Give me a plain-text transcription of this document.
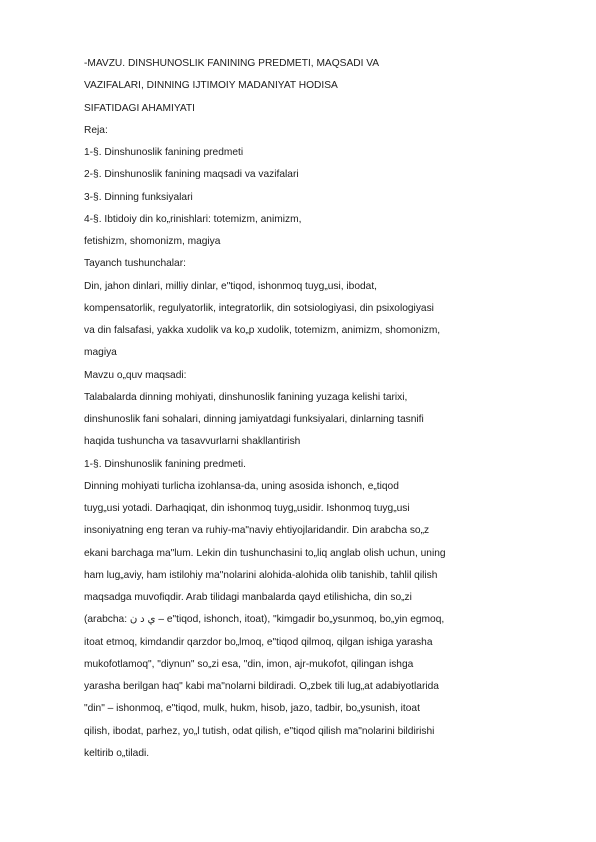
-MAVZU. DINSHUNOSLIK FANINING PREDMETI, MAQSADI VA
VAZIFALARI, DINNING IJTIMOIY MADANIYAT HODISA
SIFATIDAGI AHAMIYATI
Reja:
1-§. Dinshunoslik fanining predmeti
2-§. Dinshunoslik fanining maqsadi va vazifalari
3-§. Dinning funksiyalari
4-§. Ibtidoiy din ko„rinishlari: totemizm, animizm,
fetishizm, shomonizm, magiya
Tayanch tushunchalar:
Din, jahon dinlari, milliy dinlar, e"tiqod, ishonmoq tuyg„usi, ibodat,
kompensatorlik, regulyatorlik, integratorlik, din sotsiologiyasi, din psixologiyasi
va din falsafasi, yakka xudolik va ko„p xudolik, totemizm, animizm, shomonizm,
magiya
Mavzu o„quv maqsadi:
Talabalarda dinning mohiyati, dinshunoslik fanining yuzaga kelishi tarixi,
dinshunoslik fani sohalari, dinning jamiyatdagi funksiyalari, dinlarning tasnifi
haqida tushuncha va tasavvurlarni shakllantirish
1-§. Dinshunoslik fanining predmeti.
Dinning mohiyati turlicha izohlansa-da, uning asosida ishonch, e„tiqod
tuyg„usi yotadi. Darhaqiqat, din ishonmoq tuyg„usidir. Ishonmoq tuyg„usi
insoniyatning eng teran va ruhiy-ma"naviy ehtiyojlaridandir. Din arabcha so„z
ekani barchaga ma"lum. Lekin din tushunchasini to„liq anglab olish uchun, uning
ham lug„aviy, ham istilohiy ma"nolarini alohida-alohida olib tanishib, tahlil qilish
maqsadga muvofiqdir. Arab tilidagi manbalarda qayd etilishicha, din so„zi
(arabcha: ي د ن – e"tiqod, ishonch, itoat), "kimgadir bo„ysunmoq, bo„yin egmoq,
itoat etmoq, kimdandir qarzdor bo„lmoq, e"tiqod qilmoq, qilgan ishiga yarasha
mukofotlamoq", "diynun" so„zi esa, "din, imon, ajr-mukofot, qilingan ishga
yarasha berilgan haq" kabi ma"nolarni bildiradi. O„zbek tili lug„at adabiyotlarida
"din" – ishonmoq, e"tiqod, mulk, hukm, hisob, jazo, tadbir, bo„ysunish, itoat
qilish, ibodat, parhez, yo„l tutish, odat qilish, e"tiqod qilish ma"nolarini bildirishi
keltirib o„tiladi.
